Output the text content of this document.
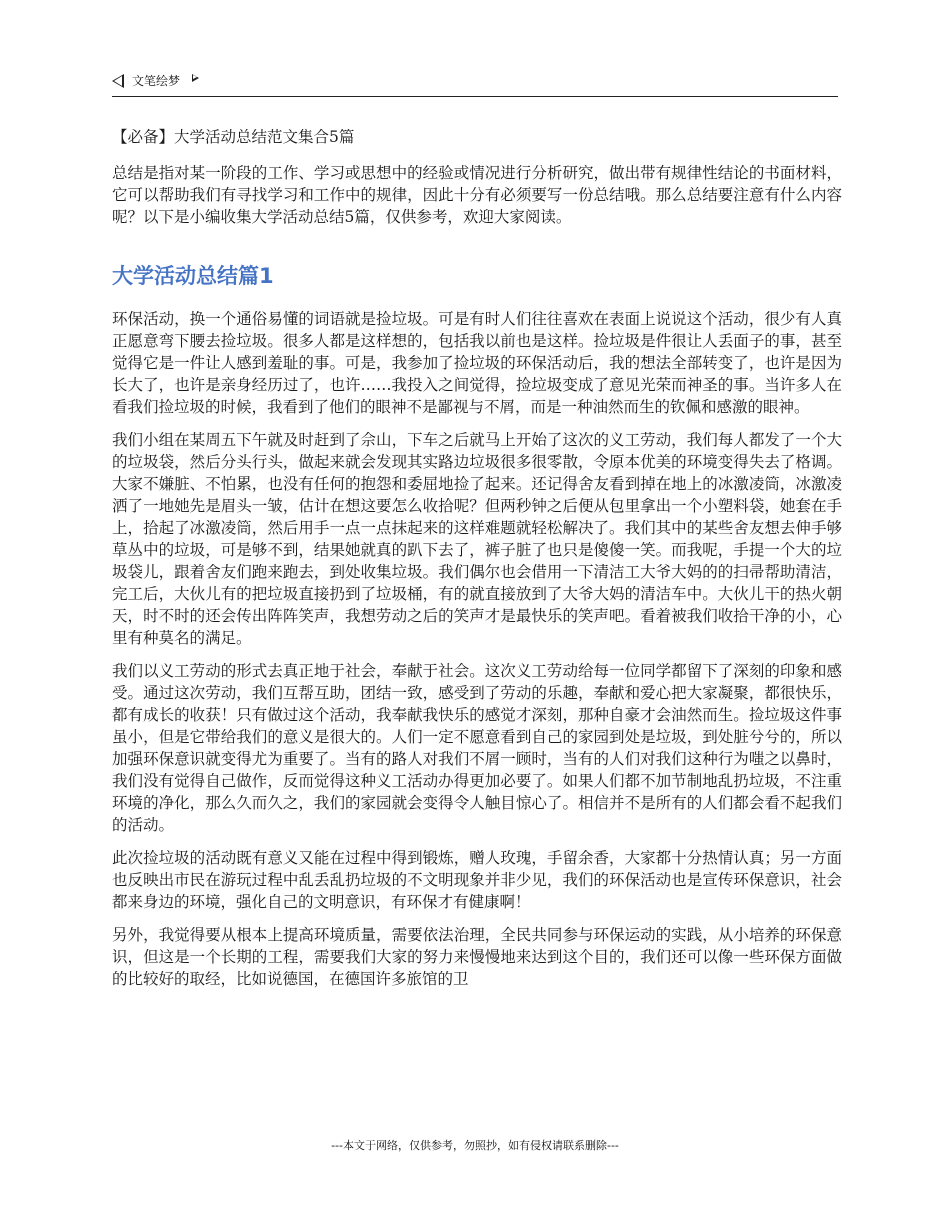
文笔绘梦
【必备】大学活动总结范文集合5篇

总结是指对某一阶段的工作、学习或思想中的经验或情况进行分析研究，做出带有规律性结论的书面材料，它可以帮助我们有寻找学习和工作中的规律，因此十分有必须要写一份总结哦。那么总结要注意有什么内容呢？以下是小编收集大学活动总结5篇，仅供参考，欢迎大家阅读。

大学活动总结篇1

环保活动，换一个通俗易懂的词语就是捡垃圾。可是有时人们往往喜欢在表面上说说这个活动，很少有人真正愿意弯下腰去捡垃圾。很多人都是这样想的，包括我以前也是这样。捡垃圾是件很让人丢面子的事，甚至觉得它是一件让人感到羞耻的事。可是，我参加了捡垃圾的环保活动后，我的想法全部转变了，也许是因为长大了，也许是亲身经历过了，也许……我投入之间觉得，捡垃圾变成了意见光荣而神圣的事。当许多人在看我们捡垃圾的时候，我看到了他们的眼神不是鄙视与不屑，而是一种油然而生的钦佩和感激的眼神。

我们小组在某周五下午就及时赶到了佘山，下车之后就马上开始了这次的义工劳动，我们每人都发了一个大的垃圾袋，然后分头行头，做起来就会发现其实路边垃圾很多很零散，令原本优美的环境变得失去了格调。大家不嫌脏、不怕累，也没有任何的抱怨和委屈地捡了起来。还记得舍友看到掉在地上的冰激凌筒，冰激凌洒了一地她先是眉头一皱，估计在想这要怎么收拾呢？但两秒钟之后便从包里拿出一个小塑料袋，她套在手上，拾起了冰激凌筒，然后用手一点一点抹起来的这样难题就轻松解决了。我们其中的某些舍友想去伸手够草丛中的垃圾，可是够不到，结果她就真的趴下去了，裤子脏了也只是傻傻一笑。而我呢，手提一个大的垃圾袋儿，跟着舍友们跑来跑去，到处收集垃圾。我们偶尔也会借用一下清洁工大爷大妈的的扫帚帮助清洁，完工后，大伙儿有的把垃圾直接扔到了垃圾桶，有的就直接放到了大爷大妈的清洁车中。大伙儿干的热火朝天，时不时的还会传出阵阵笑声，我想劳动之后的笑声才是最快乐的笑声吧。看着被我们收拾干净的小，心里有种莫名的满足。

我们以义工劳动的形式去真正地于社会，奉献于社会。这次义工劳动给每一位同学都留下了深刻的印象和感受。通过这次劳动，我们互帮互助，团结一致，感受到了劳动的乐趣，奉献和爱心把大家凝聚，都很快乐，都有成长的收获！只有做过这个活动，我奉献我快乐的感觉才深刻，那种自豪才会油然而生。捡垃圾这件事虽小，但是它带给我们的意义是很大的。人们一定不愿意看到自己的家园到处是垃圾，到处脏兮兮的，所以加强环保意识就变得尤为重要了。当有的路人对我们不屑一顾时，当有的人们对我们这种行为嗤之以鼻时，我们没有觉得自己做作，反而觉得这种义工活动办得更加必要了。如果人们都不加节制地乱扔垃圾，不注重环境的净化，那么久而久之，我们的家园就会变得令人触目惊心了。相信并不是所有的人们都会看不起我们的活动。

此次捡垃圾的活动既有意义又能在过程中得到锻炼，赠人玫瑰，手留余香，大家都十分热情认真；另一方面也反映出市民在游玩过程中乱丢乱扔垃圾的不文明现象并非少见，我们的环保活动也是宣传环保意识，社会都来身边的环境，强化自己的文明意识，有环保才有健康啊！

另外，我觉得要从根本上提高环境质量，需要依法治理，全民共同参与环保运动的实践，从小培养的环保意识，但这是一个长期的工程，需要我们大家的努力来慢慢地来达到这个目的，我们还可以像一些环保方面做的比较好的取经，比如说德国，在德国许多旅馆的卫

---本文于网络，仅供参考，勿照抄，如有侵权请联系删除---
